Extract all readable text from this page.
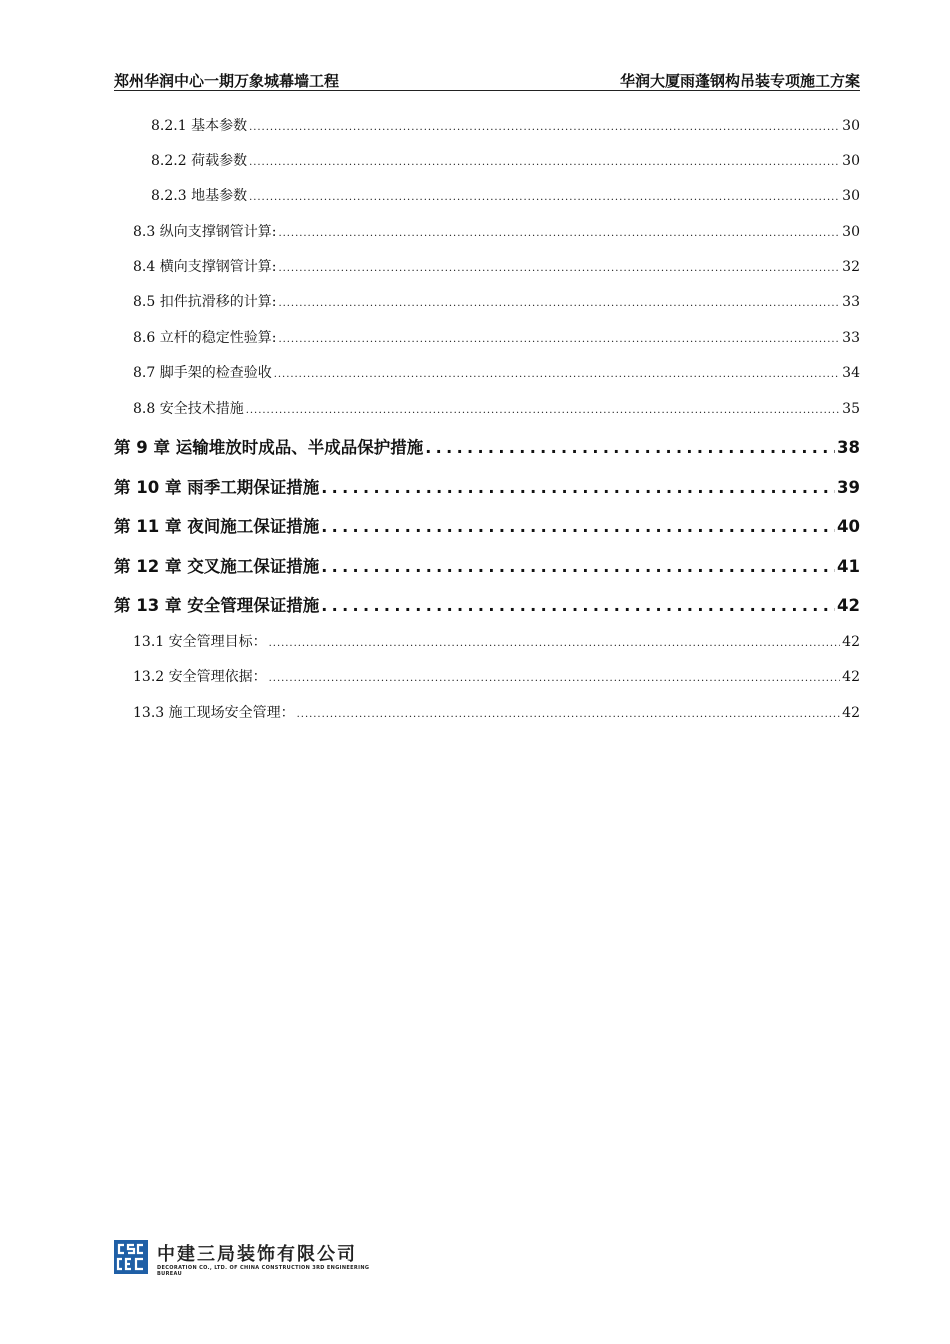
郑州华润中心一期万象城幕墙工程	华润大厦雨蓬钢构吊装专项施工方案
8.2.1 基本参数 . . .	30
8.2.2 荷载参数 . . .	30
8.2.3 地基参数 . . .	30
8.3 纵向支撑钢管计算: . . .	30
8.4 横向支撑钢管计算: . . .	32
8.5 扣件抗滑移的计算: . . .	33
8.6 立杆的稳定性验算: . . .	33
8.7 脚手架的检查验收 . . .	34
8.8 安全技术措施 . . .	35
第 9 章 运输堆放时成品、半成品保护措施 . . .	38
第 10 章 雨季工期保证措施 . . .	39
第 11 章 夜间施工保证措施 . . .	40
第 12 章 交叉施工保证措施 . . .	41
第 13 章 安全管理保证措施 . . .	42
13.1 安全管理目标： . . .	42
13.2 安全管理依据： . . .	42
13.3 施工现场安全管理： . . .	42
中建三局装饰有限公司
DECORATION CO., LTD. OF CHINA CONSTRUCTION 3RD ENGINEERING BUREAU
